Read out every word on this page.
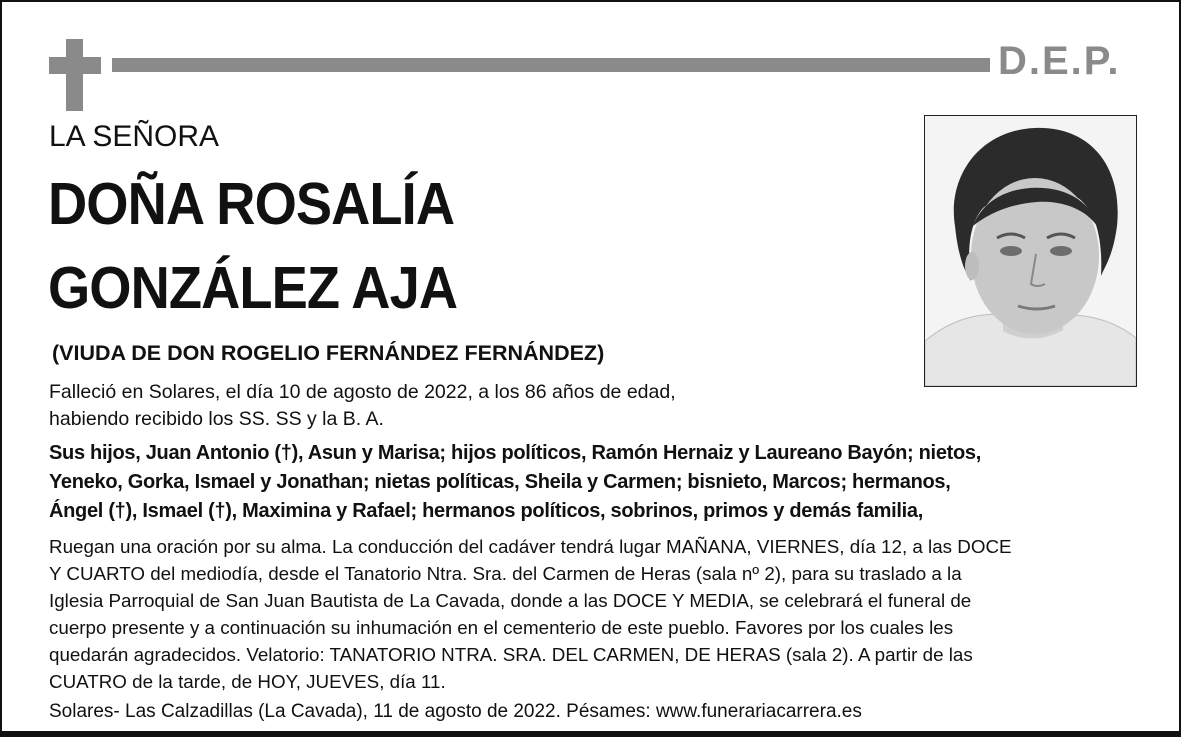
D.E.P.
LA SEÑORA
DOÑA ROSALÍA
GONZÁLEZ AJA
(VIUDA DE DON ROGELIO FERNÁNDEZ FERNÁNDEZ)
Falleció en Solares, el día 10 de agosto de 2022, a los 86 años de edad,
habiendo recibido los SS. SS y la B. A.
Sus hijos, Juan Antonio (†), Asun y Marisa; hijos políticos, Ramón Hernaiz y Laureano Bayón; nietos,
Yeneko, Gorka, Ismael y Jonathan; nietas políticas, Sheila y Carmen; bisnieto, Marcos; hermanos,
Ángel (†), Ismael (†), Maximina y Rafael; hermanos políticos, sobrinos, primos y demás familia,
Ruegan una oración por su alma. La conducción del cadáver tendrá lugar MAÑANA, VIERNES, día 12, a las DOCE
Y CUARTO del mediodía, desde el Tanatorio Ntra. Sra. del Carmen de Heras (sala nº 2), para su traslado a la
Iglesia Parroquial de San Juan Bautista de La Cavada, donde a las DOCE Y MEDIA, se celebrará el funeral de
cuerpo presente y a continuación su inhumación en el cementerio de este pueblo. Favores por los cuales les
quedarán agradecidos. Velatorio: TANATORIO NTRA. SRA. DEL CARMEN, DE HERAS (sala 2). A partir de las
CUATRO de la tarde, de HOY, JUEVES, día 11.
Solares- Las Calzadillas (La Cavada), 11 de agosto de 2022. Pésames: www.funerariacarrera.es
